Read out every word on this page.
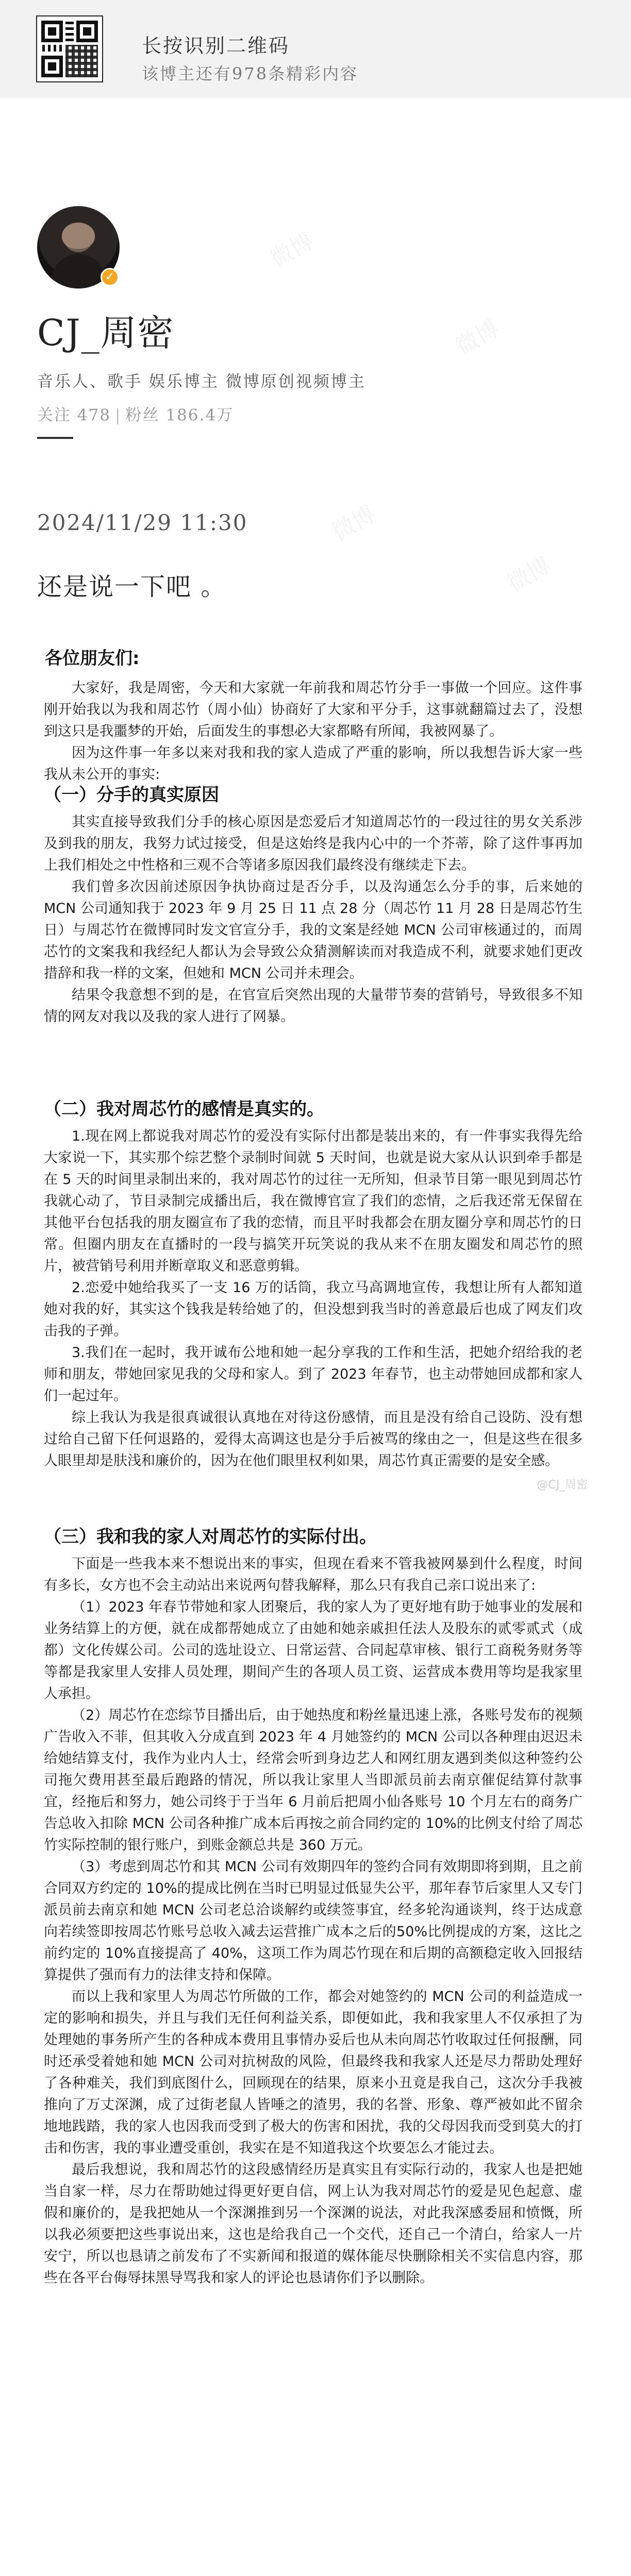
长按识别二维码
该博主还有978条精彩内容
微博
微博
微博
微博
✓
CJ_周密
音乐人、歌手 娱乐博主 微博原创视频博主
关注 478 | 粉丝 186.4万
2024/11/29 11:30
还是说一下吧 。
各位朋友们:
大家好，我是周密，今天和大家就一年前我和周芯竹分手一事做一个回应。这件事刚开始我以为我和周芯竹（周小仙）协商好了大家和平分手，这事就翻篇过去了，没想到这只是我噩梦的开始，后面发生的事想必大家都略有所闻，我被网暴了。
因为这件事一年多以来对我和我的家人造成了严重的影响，所以我想告诉大家一些我从未公开的事实:
（一）分手的真实原因
其实直接导致我们分手的核心原因是恋爱后才知道周芯竹的一段过往的男女关系涉及到我的朋友，我努力试过接受，但是这始终是我内心中的一个芥蒂，除了这件事再加上我们相处之中性格和三观不合等诸多原因我们最终没有继续走下去。
我们曾多次因前述原因争执协商过是否分手，以及沟通怎么分手的事，后来她的 MCN 公司通知我于 2023 年 9 月 25 日 11 点 28 分（周芯竹 11 月 28 日是周芯竹生日）与周芯竹在微博同时发文官宣分手，我的文案是经她 MCN 公司审核通过的，而周芯竹的文案我和我经纪人都认为会导致公众猜测解读而对我造成不利，就要求她们更改措辞和我一样的文案，但她和 MCN 公司并未理会。
结果令我意想不到的是，在官宣后突然出现的大量带节奏的营销号，导致很多不知情的网友对我以及我的家人进行了网暴。
（二）我对周芯竹的感情是真实的。
1.现在网上都说我对周芯竹的爱没有实际付出都是装出来的，有一件事实我得先给大家说一下，其实那个综艺整个录制时间就 5 天时间，也就是说大家从认识到牵手都是在 5 天的时间里录制出来的，我对周芯竹的过往一无所知，但录节目第一眼见到周芯竹我就心动了，节目录制完成播出后，我在微博官宣了我们的恋情，之后我还常无保留在其他平台包括我的朋友圈宣布了我的恋情，而且平时我都会在朋友圈分享和周芯竹的日常。但圈内朋友在直播时的一段与搞笑开玩笑说的我从来不在朋友圈发和周芯竹的照片，被营销号利用并断章取义和恶意剪辑。
2.恋爱中她给我买了一支 16 万的话筒，我立马高调地宣传，我想让所有人都知道她对我的好，其实这个钱我是转给她了的，但没想到我当时的善意最后也成了网友们攻击我的子弹。
3.我们在一起时，我开诚布公地和她一起分享我的工作和生活，把她介绍给我的老师和朋友，带她回家见我的父母和家人。到了 2023 年春节，也主动带她回成都和家人们一起过年。
综上我认为我是很真诚很认真地在对待这份感情，而且是没有给自己设防、没有想过给自己留下任何退路的，爱得太高调这也是分手后被骂的缘由之一，但是这些在很多人眼里却是肤浅和廉价的，因为在他们眼里权利如果，周芯竹真正需要的是安全感。
@CJ_周密
（三）我和我的家人对周芯竹的实际付出。
下面是一些我本来不想说出来的事实，但现在看来不管我被网暴到什么程度，时间有多长，女方也不会主动站出来说两句替我解释，那么只有我自己亲口说出来了:
（1）2023 年春节带她和家人团聚后，我的家人为了更好地有助于她事业的发展和业务结算上的方便，就在成都帮她成立了由她和她亲戚担任法人及股东的贰零贰式（成都）文化传媒公司。公司的选址设立、日常运营、合同起草审核、银行工商税务财务等等都是我家里人安排人员处理，期间产生的各项人员工资、运营成本费用等均是我家里人承担。
（2）周芯竹在恋综节目播出后，由于她热度和粉丝量迅速上涨，各账号发布的视频广告收入不菲，但其收入分成直到 2023 年 4 月她签约的 MCN 公司以各种理由迟迟未给她结算支付，我作为业内人士，经常会听到身边艺人和网红朋友遇到类似这种签约公司拖欠费用甚至最后跑路的情况，所以我让家里人当即派员前去南京催促结算付款事宜，经拖后和努力，她公司终于于当年 6 月前后把周小仙各账号 10 个月左右的商务广告总收入扣除 MCN 公司各种推广成本后再按之前合同约定的 10%的比例支付给了周芯竹实际控制的银行账户，到账金额总共是 360 万元。
（3）考虑到周芯竹和其 MCN 公司有效期四年的签约合同有效期即将到期，且之前合同双方约定的 10%的提成比例在当时已明显过低显失公平，那年春节后家里人又专门派员前去南京和她 MCN 公司老总洽谈解约或续签事宜，经多轮沟通谈判，终于达成意向若续签即按周芯竹账号总收入减去运营推广成本之后的50%比例提成的方案，这比之前约定的 10%直接提高了 40%，这项工作为周芯竹现在和后期的高额稳定收入回报结算提供了强而有力的法律支持和保障。
而以上我和家里人为周芯竹所做的工作，都会对她签约的 MCN 公司的利益造成一定的影响和损失，并且与我们无任何利益关系，即便如此，我和我家里人不仅承担了为处理她的事务所产生的各种成本费用且事情办妥后也从未向周芯竹收取过任何报酬，同时还承受着她和她 MCN 公司对抗树敌的风险，但最终我和我家人还是尽力帮助处理好了各种难关，我们到底图什么，回顾现在的结果，原来小丑竟是我自己，这次分手我被推向了万丈深渊，成了过街老鼠人皆唾之的渣男，我的名誉、形象、尊严被如此不留余地地践踏，我的家人也因我而受到了极大的伤害和困扰，我的父母因我而受到莫大的打击和伤害，我的事业遭受重创，我实在是不知道我这个坎要怎么才能过去。
最后我想说，我和周芯竹的这段感情经历是真实且有实际行动的，我家人也是把她当自家一样，尽力在帮助她过得更好更自信，网上认为我对周芯竹的爱是见色起意、虚假和廉价的，是我把她从一个深渊推到另一个深渊的说法，对此我深感委屈和愤慨，所以我必须要把这些事说出来，这也是给我自己一个交代，还自己一个清白，给家人一片安宁，所以也恳请之前发布了不实新闻和报道的媒体能尽快删除相关不实信息内容，那些在各平台侮辱抹黑导骂我和家人的评论也恳请你们予以删除。
